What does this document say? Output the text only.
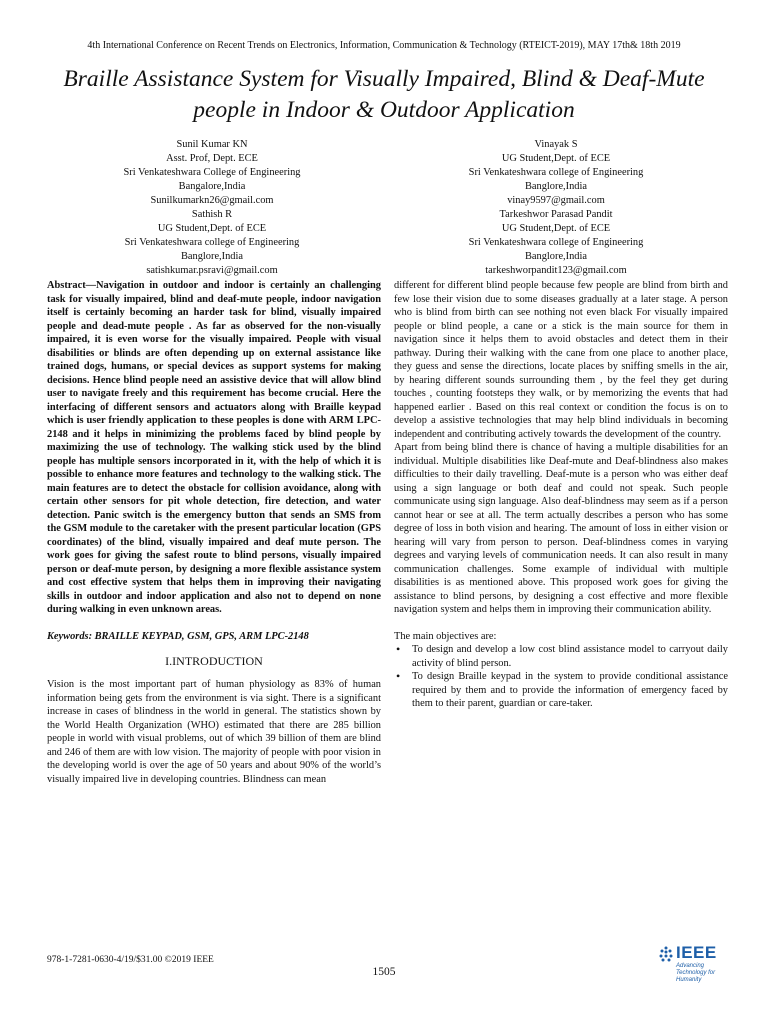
4th International Conference on Recent Trends on Electronics, Information, Communication & Technology (RTEICT-2019), MAY 17th& 18th 2019
Braille Assistance System for Visually Impaired, Blind & Deaf-Mute people in Indoor & Outdoor Application
Sunil Kumar KN
Asst. Prof, Dept. ECE
Sri Venkateshwara College of Engineering
Bangalore,India
Sunilkumarkn26@gmail.com
Vinayak S
UG Student,Dept. of ECE
Sri Venkateshwara college of Engineering
Banglore,India
vinay9597@gmail.com
Sathish R
UG Student,Dept. of ECE
Sri Venkateshwara college of Engineering
Banglore,India
satishkumar.psravi@gmail.com
Tarkeshwor Parasad Pandit
UG Student,Dept. of ECE
Sri Venkateshwara college of Engineering
Banglore,India
tarkeshworpandit123@gmail.com

Abstract—Navigation in outdoor and indoor is certainly an challenging task for visually impaired, blind and deaf-mute people, indoor navigation itself is certainly becoming an harder task for blind, visually impaired people and dead-mute people . As far as observed for the non-visually impaired, it is even worse for the visually impaired. People with visual disabilities or blinds are often depending up on external assistance like trained dogs, humans, or special devices as support systems for making decisions. Hence blind people need an assistive device that will allow blind user to navigate freely and this requirement has become crucial. Here the interfacing of different sensors and actuators along with Braille keypad which is user friendly application to these peoples is done with ARM LPC-2148 and it helps in minimizing the problems faced by blind people by maximizing the use of technology. The walking stick used by the blind people has multiple sensors incorporated in it, with the help of which it is possible to enhance more features and technology to the walking stick. The main features are to detect the obstacle for collision avoidance, along with certain other sensors for pit whole detection, fire detection, and water detection. Panic switch is the emergency button that sends an SMS from the GSM module to the caretaker with the present particular location (GPS coordinates) of the blind, visually impaired and deaf mute person. The work goes for giving the safest route to blind persons, visually impaired person or deaf-mute person, by designing a more flexible assistance system and cost effective system that helps them in improving their navigating skills in outdoor and indoor application and also not to depend on none during walking in even unknown areas.

Keywords: BRAILLE KEYPAD, GSM, GPS, ARM LPC-2148

I.INTRODUCTION

Vision is the most important part of human physiology as 83% of human information being gets from the environment is via sight. There is a significant increase in cases of blindness in the world in general. The statistics shown by the World Health Organization (WHO) estimated that there are 285 billion people in world with visual problems, out of which 39 billion of them are blind and 246 of them are with low vision. The majority of people with poor vision in the developing world is over the age of 50 years and about 90% of the world’s visually impaired live in developing countries. Blindness can mean

different for different blind people because few people are blind from birth and few lose their vision due to some diseases gradually at a later stage. A person who is blind from birth can see nothing not even black For visually impaired people or blind people, a cane or a stick is the main source for them in navigation since it helps them to avoid obstacles and detect them in their pathway. During their walking with the cane from one place to another place, they guess and sense the directions, locate places by sniffing smells in the air, by hearing different sounds surrounding them , by the feel they get during touches , counting footsteps they walk, or by memorizing the events that had happened earlier . Based on this real context or condition the focus is on to develop a assistive technologies that may help blind individuals in becoming independent and contributing actively towards the development of the country.

Apart from being blind there is chance of having a multiple disabilities for an individual. Multiple disabilities like Deaf-mute and Deaf-blindness also makes difficulties to their daily travelling. Deaf-mute is a person who was either deaf using a sign language or both deaf and could not speak. Such people communicate using sign language. Also deaf-blindness may seem as if a person cannot hear or see at all. The term actually describes a person who has some degree of loss in both vision and hearing. The amount of loss in either vision or hearing will vary from person to person. Deaf-blindness comes in varying degrees and varying levels of communication needs. It can also result in many communication challenges. Some example of individual with multiple disabilities is as mentioned above. This proposed work goes for giving the assistance to blind persons, by designing a cost effective and more flexible navigation system and helps them in improving their communication ability.

The main objectives are:

• To design and develop a low cost blind assistance model to carryout daily activity of blind person.
• To design Braille keypad in the system to provide conditional assistance required by them and to provide the information of emergency faced by them to their parent, guardian or care-taker.
978-1-7281-0630-4/19/$31.00 ©2019 IEEE
1505
IEEE
Advancing Technology for Humanity
